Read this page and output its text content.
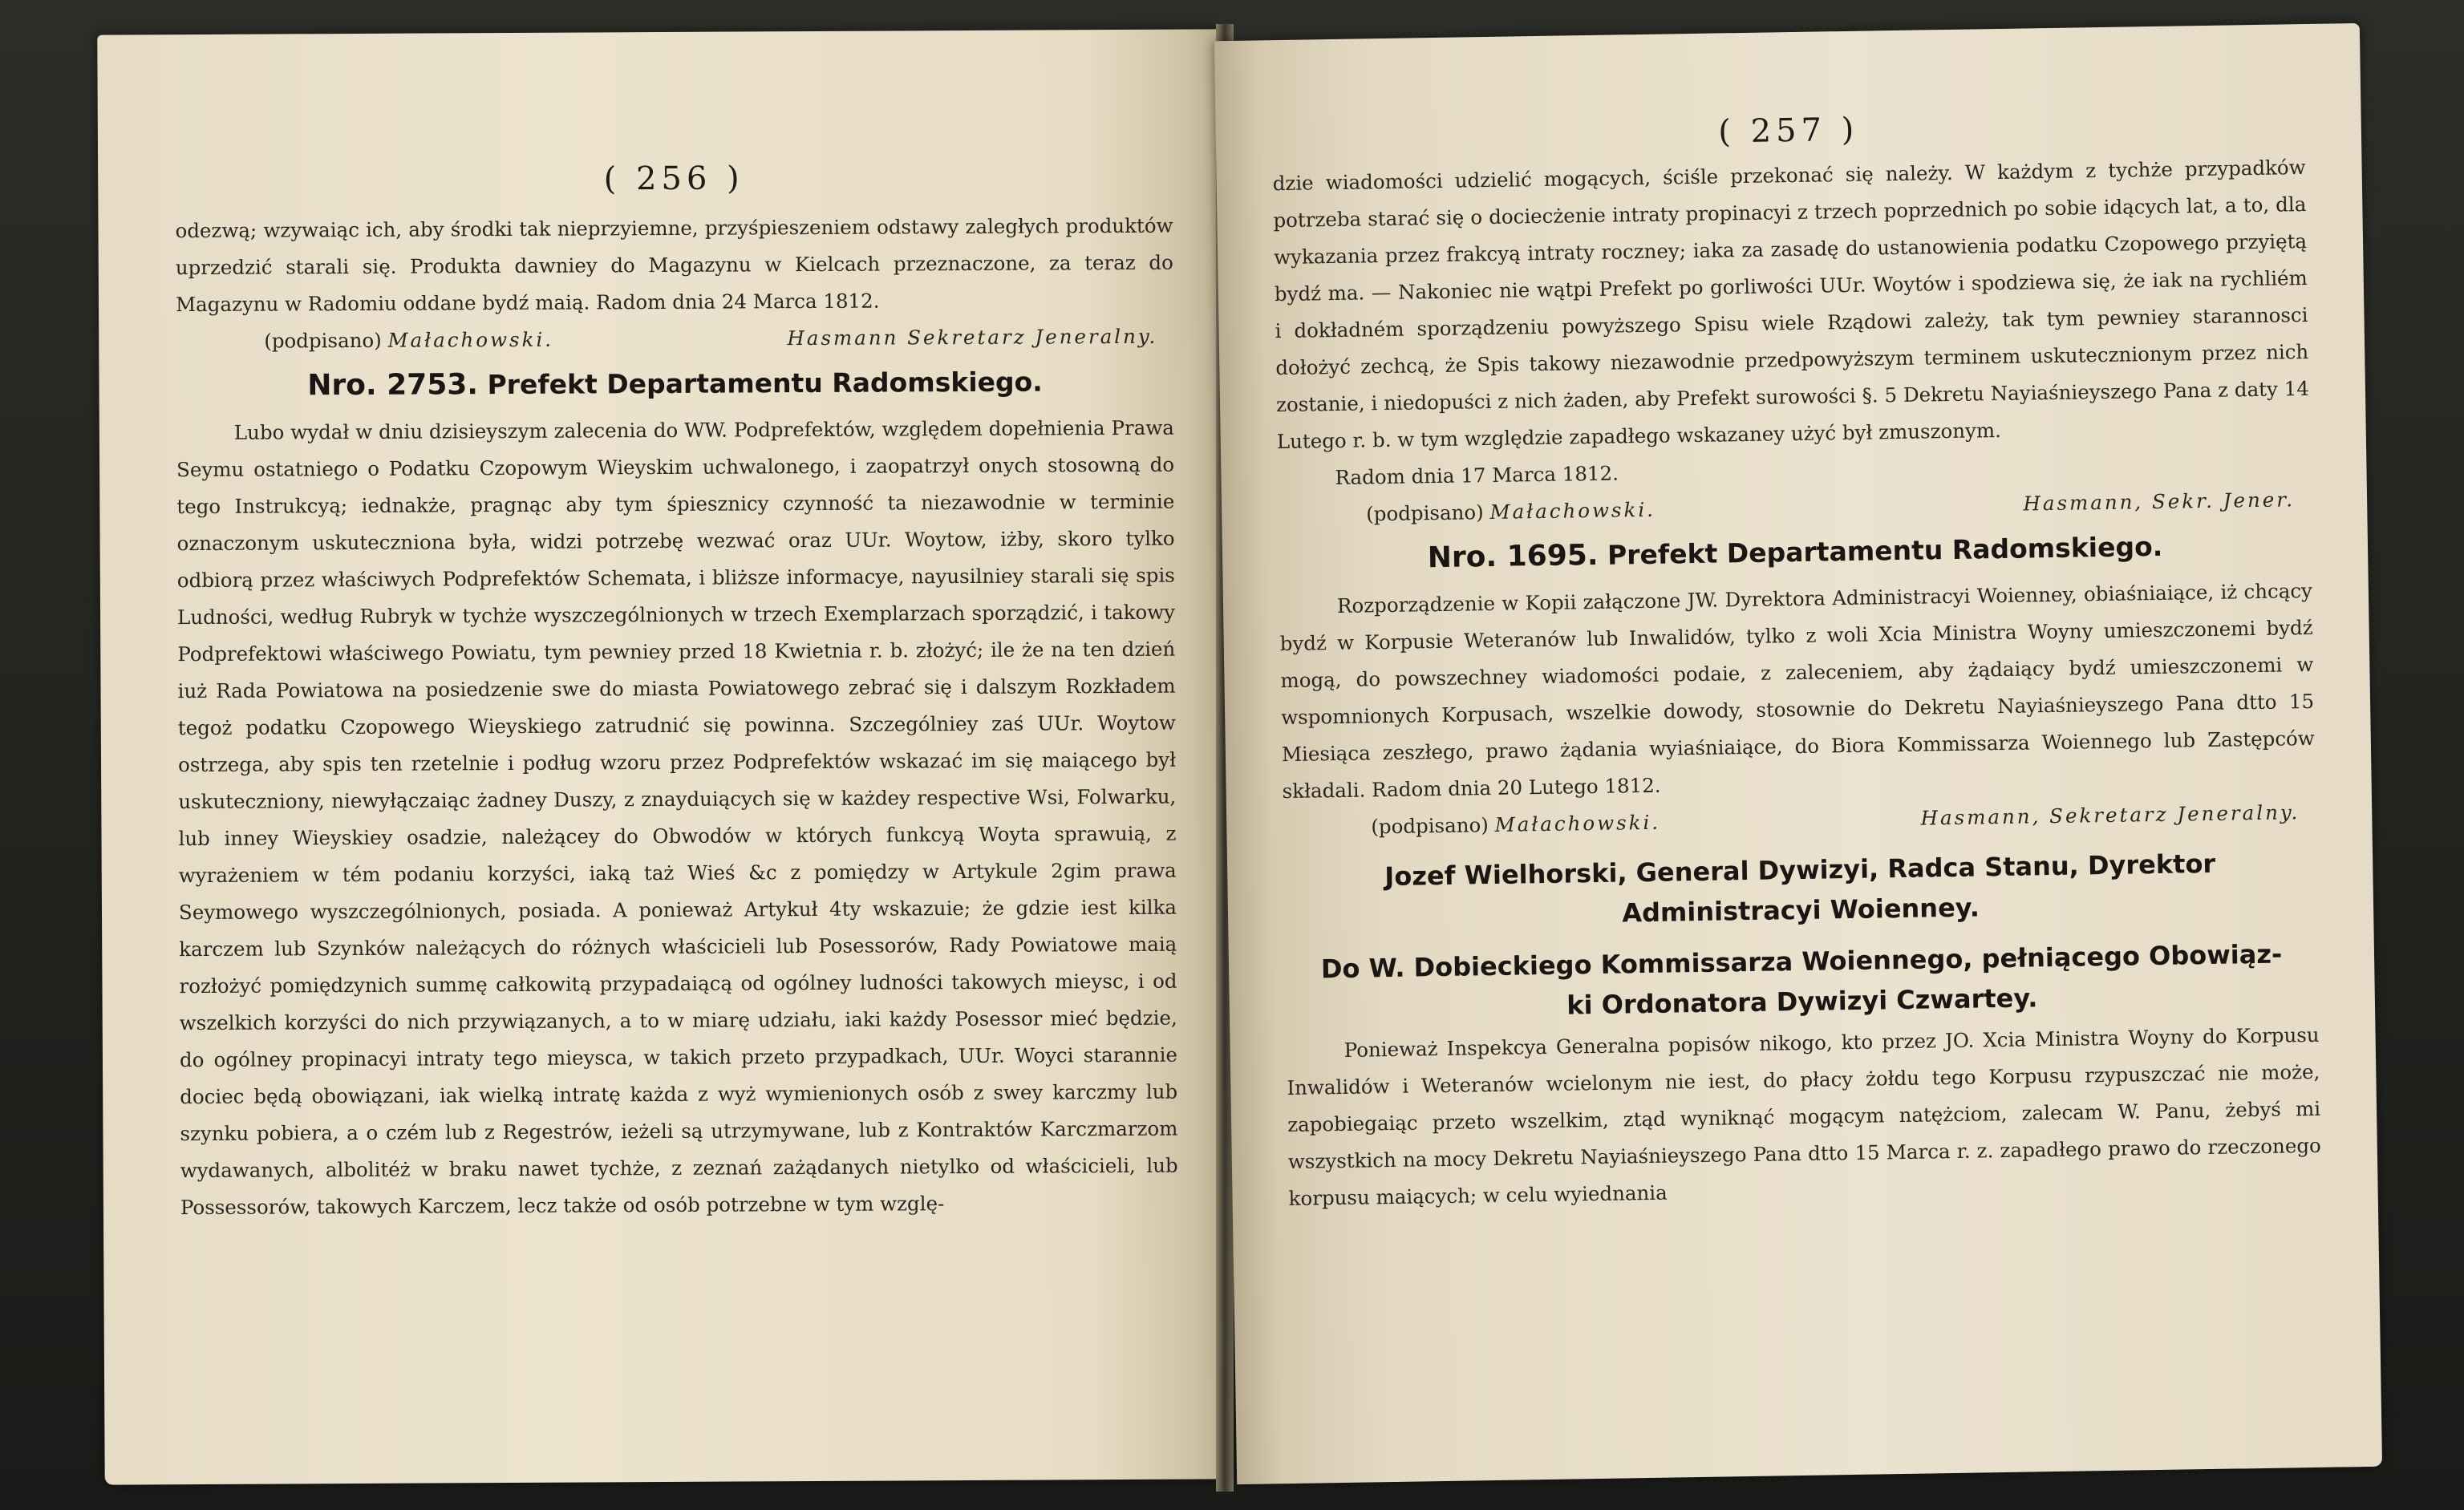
( 256 )

odezwą; wzywaiąc ich, aby środki tak nieprzyiemne, przyśpieszeniem odstawy zaległych produktów uprzedzić starali się. Produkta dawniey do Magazynu w Kielcach przeznaczone, za teraz do Magazynu w Radomiu oddane bydź maią. Radom dnia 24 Marca 1812.

(podpisano) Małachowski.	Hasmann Sekretarz Jeneralny.
Nro. 2753. Prefekt Departamentu Radomskiego.

Lubo wydał w dniu dzisieyszym zalecenia do WW. Podprefektów, względem dopełnienia Prawa Seymu ostatniego o Podatku Czopowym Wieyskim uchwalonego, i zaopatrzył onych stosowną do tego Instrukcyą; iednakże, pragnąc aby tym śpiesznicy czynność ta niezawodnie w terminie oznaczonym uskuteczniona była, widzi potrzebę wezwać oraz UUr. Woytow, iżby, skoro tylko odbiorą przez właściwych Podprefektów Schemata, i bliższe informacye, nayusilniey starali się spis Ludności, według Rubryk w tychże wyszczególnionych w trzech Exemplarzach sporządzić, i takowy Podprefektowi właściwego Powiatu, tym pewniey przed 18 Kwietnia r. b. złożyć; ile że na ten dzień iuż Rada Powiatowa na posiedzenie swe do miasta Powiatowego zebrać się i dalszym Rozkładem tegoż podatku Czopowego Wieyskiego zatrudnić się powinna. Szczególniey zaś UUr. Woytow ostrzega, aby spis ten rzetelnie i podług wzoru przez Podprefektów wskazać im się maiącego był uskuteczniony, niewyłączaiąc żadney Duszy, z znayduiących się w każdey respective Wsi, Folwarku, lub inney Wieyskiey osadzie, należącey do Obwodów w których funkcyą Woyta sprawuią, z wyrażeniem w tém podaniu korzyści, iaką taż Wieś &c z pomiędzy w Artykule 2gim prawa Seymowego wyszczególnionych, posiada. A ponieważ Artykuł 4ty wskazuie; że gdzie iest kilka karczem lub Szynków należących do różnych właścicieli lub Posessorów, Rady Powiatowe maią rozłożyć pomiędzynich summę całkowitą przypadaiącą od ogólney ludności takowych mieysc, i od wszelkich korzyści do nich przywiązanych, a to w miarę udziału, iaki każdy Posessor mieć będzie, do ogólney propinacyi intraty tego mieysca, w takich przeto przypadkach, UUr. Woyci starannie dociec będą obowiązani, iak wielką intratę każda z wyż wymienionych osób z swey karczmy lub szynku pobiera, a o czém lub z Regestrów, ieżeli są utrzymywane, lub z Kontraktów Karczmarzom wydawanych, albolitéż w braku nawet tychże, z zeznań zażądanych nietylko od właścicieli, lub Possessorów, takowych Karczem, lecz także od osób potrzebne w tym wzglę-

( 257 )

dzie wiadomości udzielić mogących, ściśle przekonać się należy. W każdym z tychże przypadków potrzeba starać się o dociecżenie intraty propinacyi z trzech poprzednich po sobie idących lat, a to, dla wykazania przez frakcyą intraty roczney; iaka za zasadę do ustanowienia podatku Czopowego przyiętą bydź ma. — Nakoniec nie wątpi Prefekt po gorliwości UUr. Woytów i spodziewa się, że iak na rychliém i dokładném sporządzeniu powyższego Spisu wiele Rządowi zależy, tak tym pewniey starannosci dołożyć zechcą, że Spis takowy niezawodnie przedpowyższym terminem uskutecznionym przez nich zostanie, i niedopuści z nich żaden, aby Prefekt surowości §. 5 Dekretu Nayiaśnieyszego Pana z daty 14 Lutego r. b. w tym względzie zapadłego wskazaney użyć był zmuszonym.

Radom dnia 17 Marca 1812.

(podpisano) Małachowski.	Hasmann, Sekr. Jener.
Nro. 1695. Prefekt Departamentu Radomskiego.

Rozporządzenie w Kopii załączone JW. Dyrektora Administracyi Woienney, obiaśniaiące, iż chcący bydź w Korpusie Weteranów lub Inwalidów, tylko z woli Xcia Ministra Woyny umieszczonemi bydź mogą, do powszechney wiadomości podaie, z zaleceniem, aby żądaiący bydź umieszczonemi w wspomnionych Korpusach, wszelkie dowody, stosownie do Dekretu Nayiaśnieyszego Pana dtto 15 Miesiąca zeszłego, prawo żądania wyiaśniaiące, do Biora Kommissarza Woiennego lub Zastępców składali. Radom dnia 20 Lutego 1812.

(podpisano) Małachowski.	Hasmann, Sekretarz Jeneralny.
Jozef Wielhorski, General Dywizyi, Radca Stanu, Dyrektor
Administracyi Woienney.
Do W. Dobieckiego Kommissarza Woiennego, pełniącego Obowiąz-
ki Ordonatora Dywizyi Czwartey.

Ponieważ Inspekcya Generalna popisów nikogo, kto przez JO. Xcia Ministra Woyny do Korpusu Inwalidów i Weteranów wcielonym nie iest, do płacy żołdu tego Korpusu rzypuszczać nie może, zapobiegaiąc przeto wszelkim, ztąd wyniknąć mogącym natężciom, zalecam W. Panu, żebyś mi wszystkich na mocy Dekretu Nayiaśnieyszego Pana dtto 15 Marca r. z. zapadłego prawo do rzeczonego korpusu maiących; w celu wyiednania
